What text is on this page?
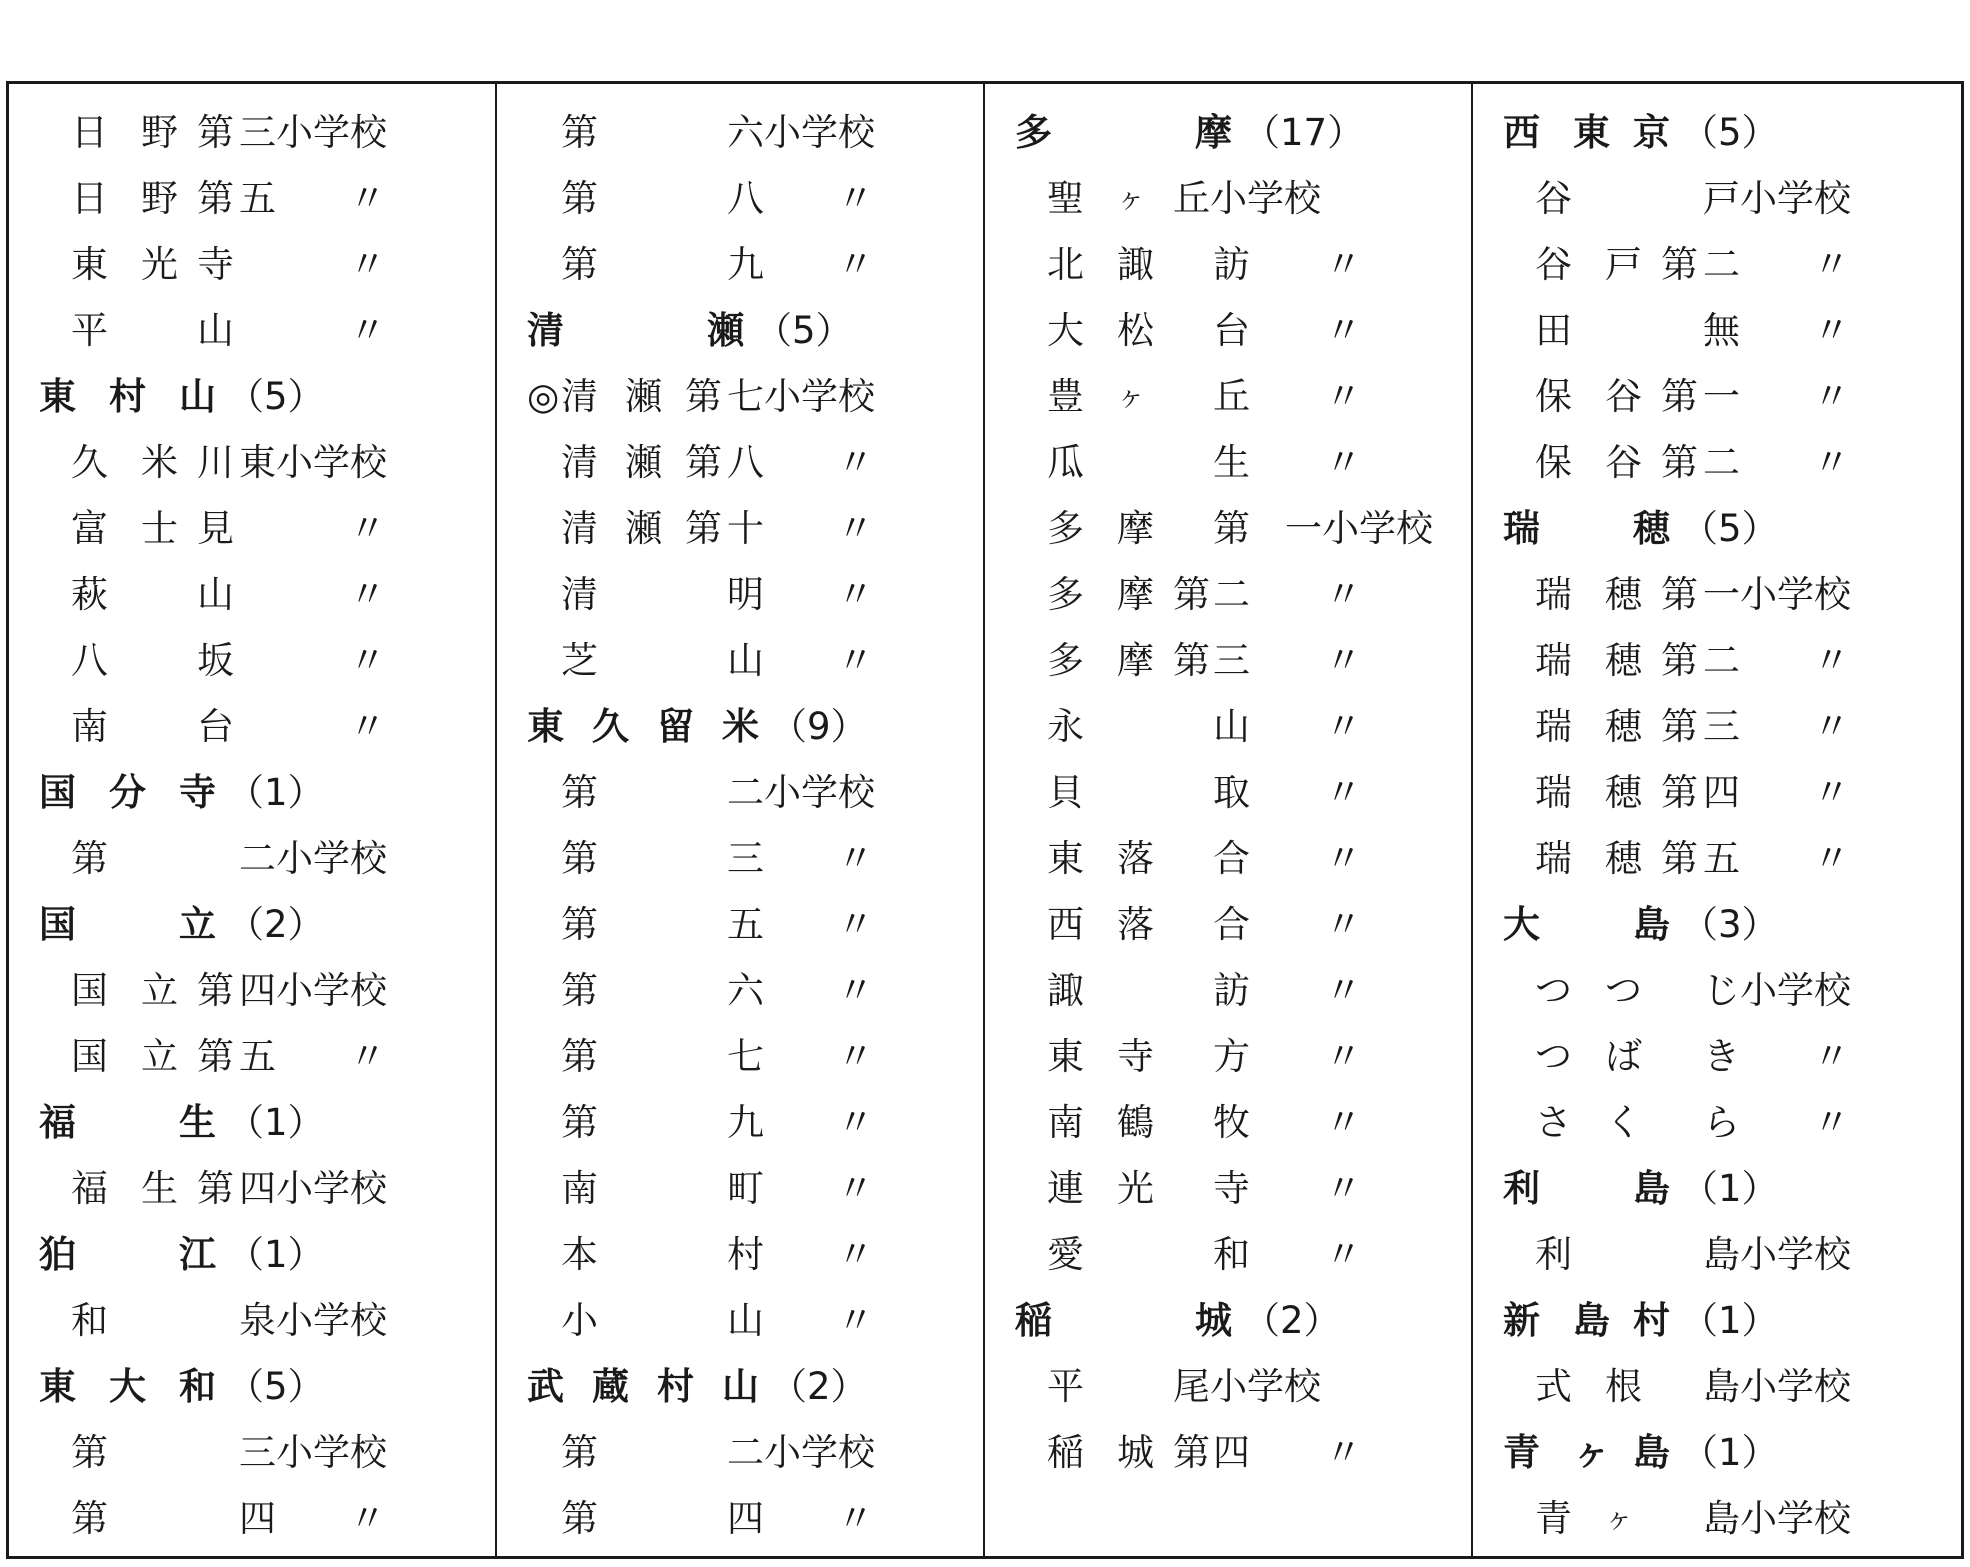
日 野 第 三小学校
日 野 第 五 〃
東 光 寺	〃
平 山	〃
東 村 山 （5）
久 米 川 東小学校
富 士 見	〃
萩 山	〃
八 坂	〃
南 台	〃
国 分 寺 （1）
第	二小学校
国	立 （2）
国 立 第 四小学校
国 立 第 五 〃
福	生 （1）
福 生 第 四小学校
狛	江 （1）
和	泉小学校
東 大 和 （5）
第	三小学校
第	四 〃
第	六小学校
第	八 〃
第	九 〃
清	瀬 （5）
◎ 清 瀬 第 七小学校
清 瀬 第 八 〃
清 瀬 第 十 〃
清	明 〃
芝	山 〃
東 久 留 米 （9）
第	二小学校
第	三 〃
第	五 〃
第	六 〃
第	七 〃
第	九 〃
南	町 〃
本	村 〃
小	山 〃
武 蔵 村 山 （2）
第	二小学校
第	四 〃
多	摩 （17）
聖 ヶ 丘小学校
北 諏 訪 〃
大 松 台 〃
豊 ヶ 丘 〃
瓜	生 〃
多 摩 第 一小学校
多 摩 第 二 〃
多 摩 第 三 〃
永	山 〃
貝	取 〃
東 落 合 〃
西 落 合 〃
諏	訪 〃
東 寺 方 〃
南 鶴 牧 〃
連 光 寺 〃
愛	和 〃
稲	城 （2）
平 尾小学校
稲 城 第 四 〃
西 東 京 （5）
谷	戸小学校
谷 戸 第 二 〃
田	無 〃
保 谷 第 一 〃
保 谷 第 二 〃
瑞	穂 （5）
瑞 穂 第 一小学校
瑞 穂 第 二 〃
瑞 穂 第 三 〃
瑞 穂 第 四 〃
瑞 穂 第 五 〃
大	島 （3）
つ つ じ小学校
つ ば き 〃
さ く ら 〃
利	島 （1）
利	島小学校
新 島 村 （1）
式 根 島小学校
青 ヶ 島 （1）
青 ヶ 島小学校
